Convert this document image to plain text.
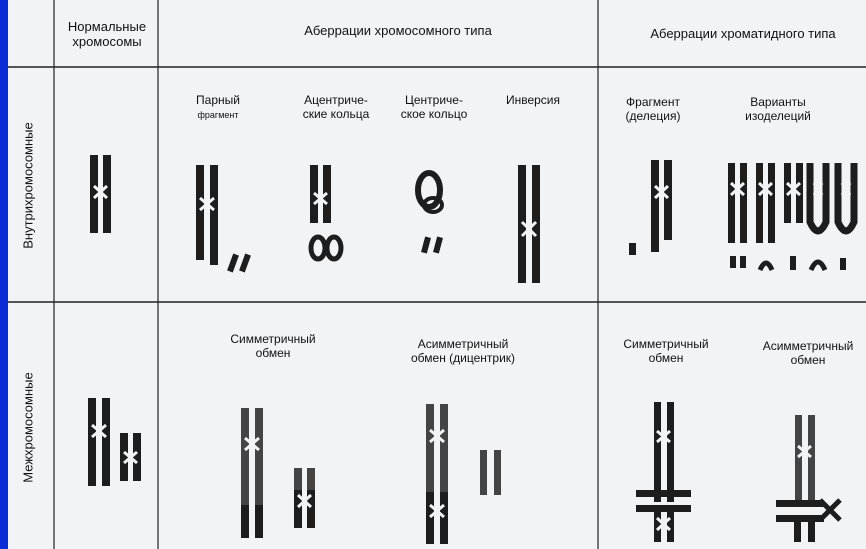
Нормальные
хромосомы
Аберрации хромосомного типа	Аберрации хроматидного типа
Внутрихромосомные
Межхромосомные
Парный
фрагмент
Ацентриче-
ские кольца
Центриче-
ское кольцо
Инверсия	Фрагмент
(делеция)
Варианты
изоделеций
Симметричный
обмен
Асимметричный
обмен (дицентрик)
Симметричный
обмен
Асимметричный
обмен
